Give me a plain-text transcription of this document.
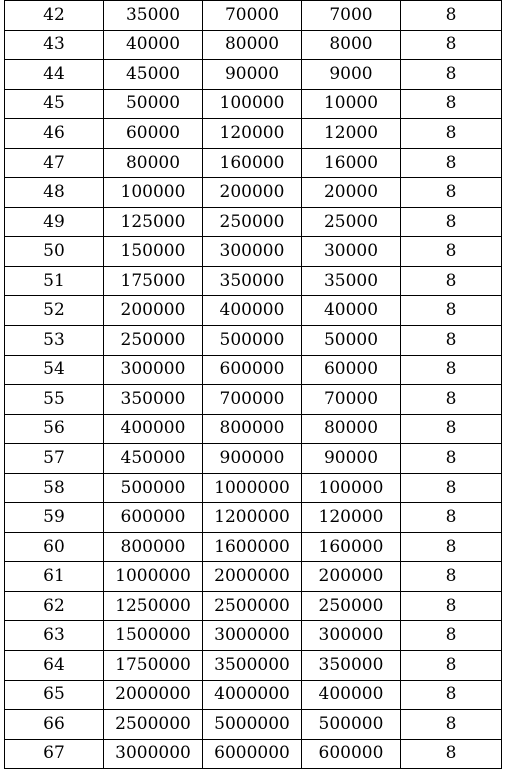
42	35000	70000	7000	8
43	40000	80000	8000	8
44	45000	90000	9000	8
45	50000	100000	10000	8
46	60000	120000	12000	8
47	80000	160000	16000	8
48	100000	200000	20000	8
49	125000	250000	25000	8
50	150000	300000	30000	8
51	175000	350000	35000	8
52	200000	400000	40000	8
53	250000	500000	50000	8
54	300000	600000	60000	8
55	350000	700000	70000	8
56	400000	800000	80000	8
57	450000	900000	90000	8
58	500000	1000000	100000	8
59	600000	1200000	120000	8
60	800000	1600000	160000	8
61	1000000	2000000	200000	8
62	1250000	2500000	250000	8
63	1500000	3000000	300000	8
64	1750000	3500000	350000	8
65	2000000	4000000	400000	8
66	2500000	5000000	500000	8
67	3000000	6000000	600000	8
